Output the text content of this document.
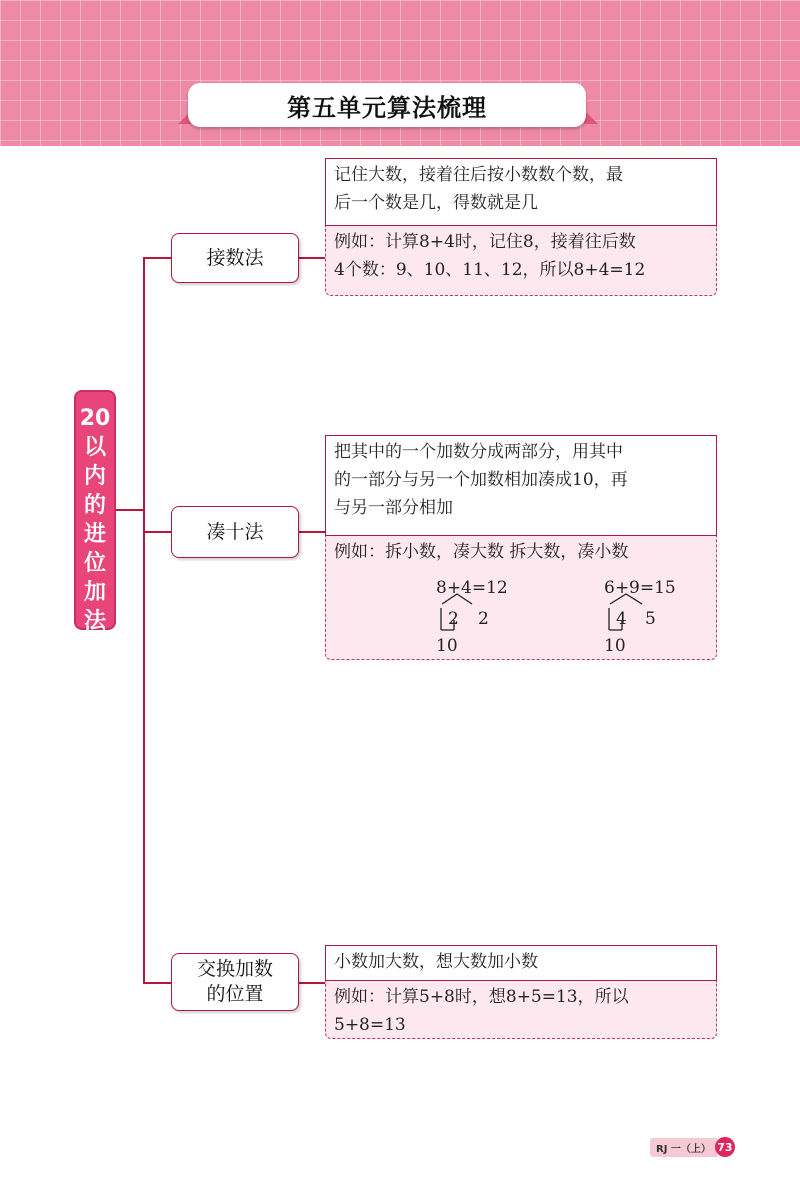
第五单元算法梳理
20
以
内
的
进
位
加
法
接数法
记住大数，接着往后按小数数个数，最
后一个数是几，得数就是几
例如：计算8+4时，记住8，接着往后数
4个数：9、10、11、12，所以8+4=12
凑十法
把其中的一个加数分成两部分，用其中
的一部分与另一个加数相加凑成10，再
与另一部分相加
例如：拆小数，凑大数 拆大数，凑小数
8+4=12
2 2
10
6+9=15
4 5
10
交换加数
的位置
小数加大数，想大数加小数
例如：计算5+8时，想8+5=13，所以
5+8=13
RJ 一（上） 73
